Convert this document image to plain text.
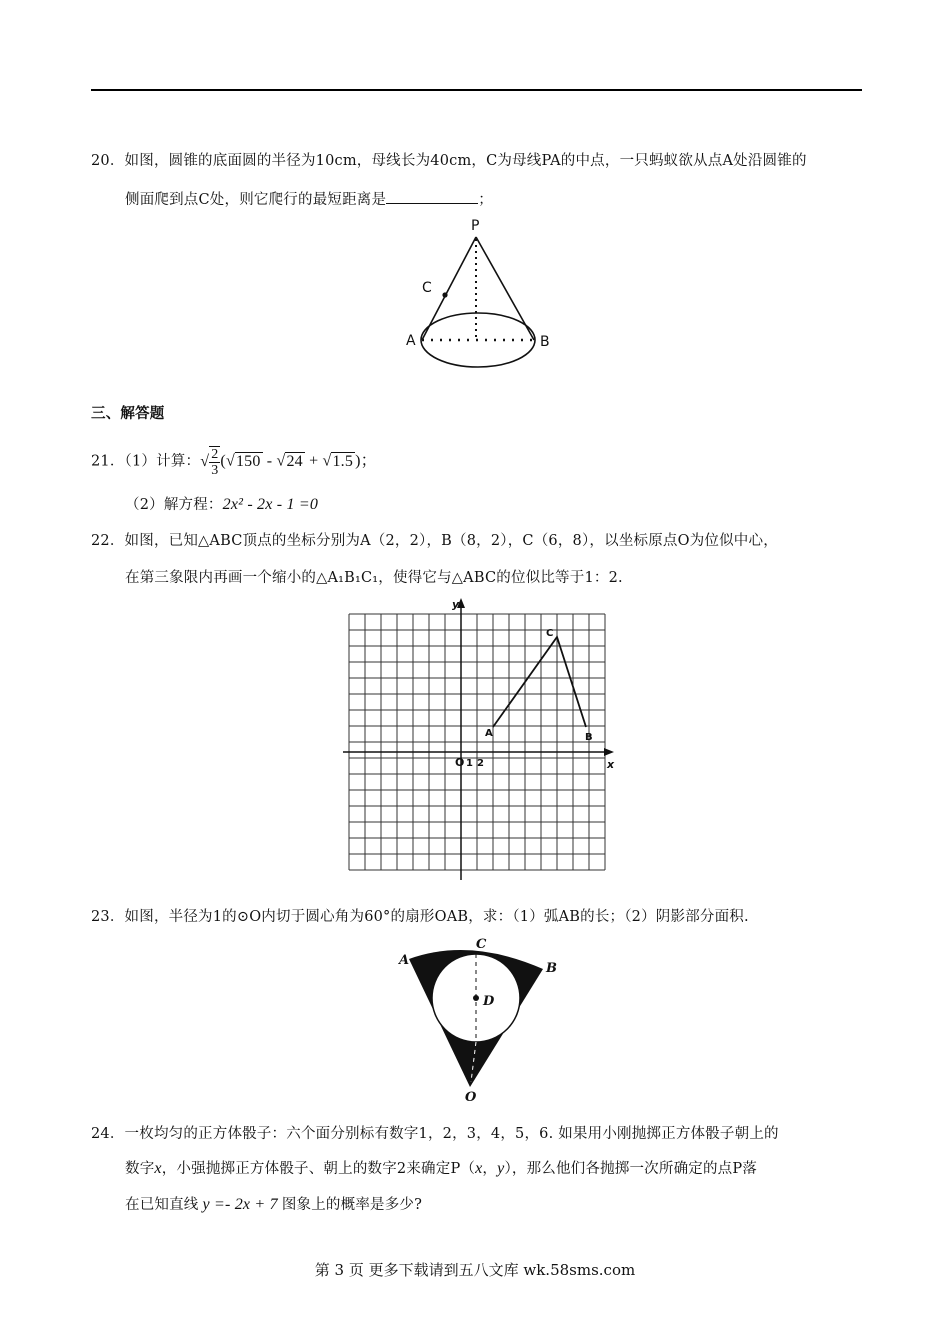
20．如图，圆锥的底面圆的半径为10cm，母线长为40cm，C为母线PA的中点，一只蚂蚁欲从点A处沿圆锥的
侧面爬到点C处，则它爬行的最短距离是	；
P
C
A	B
三、解答题
21．（1）计算：√ $\frac{2}{3} (√150 - √24 + √1.5$ )；
（2）解方程：2x² - 2x - 1 =0
22．如图，已知△ABC顶点的坐标分别为A（2，2），B（8，2），C（6，8），以坐标原点O为位似中心，
在第三象限内再画一个缩小的△A₁B₁C₁，使得它与△ABC的位似比等于1：2.
y
x
O 1 2
A	B
C
23．如图，半径为1的⊙O内切于圆心角为60°的扇形OAB，求：（1）弧AB的长；（2）阴影部分面积.
A
B
C
D
O
24．一枚均匀的正方体骰子：六个面分别标有数字1，2，3，4，5，6. 如果用小刚抛掷正方体骰子朝上的
数字x，小强抛掷正方体骰子、朝上的数字2来确定P（x，y），那么他们各抛掷一次所确定的点P落
在已知直线 y =- 2x + 7 图象上的概率是多少?
第 3 页 更多下载请到五八文库 wk.58sms.com
